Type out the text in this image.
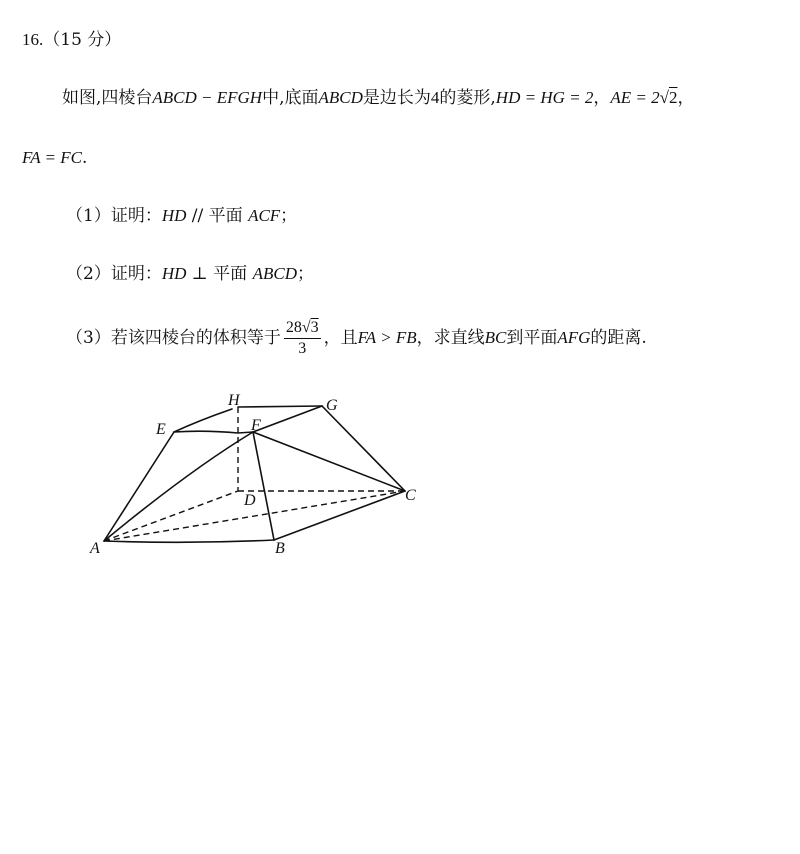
16.（15 分）
如图,四棱台ABCD − EFGH中,底面ABCD是边长为4的菱形,HD = HG = 2，AE = 2√2，
FA = FC.
（1）证明：HD // 平面 ACF；
（2）证明：HD ⊥ 平面 ABCD；
（3）若该四棱台的体积等于 $\frac{28√3}{3}$ ，且FA > FB，求直线BC到平面AFG的距离.
A	B
C
D
E	F
G
H
